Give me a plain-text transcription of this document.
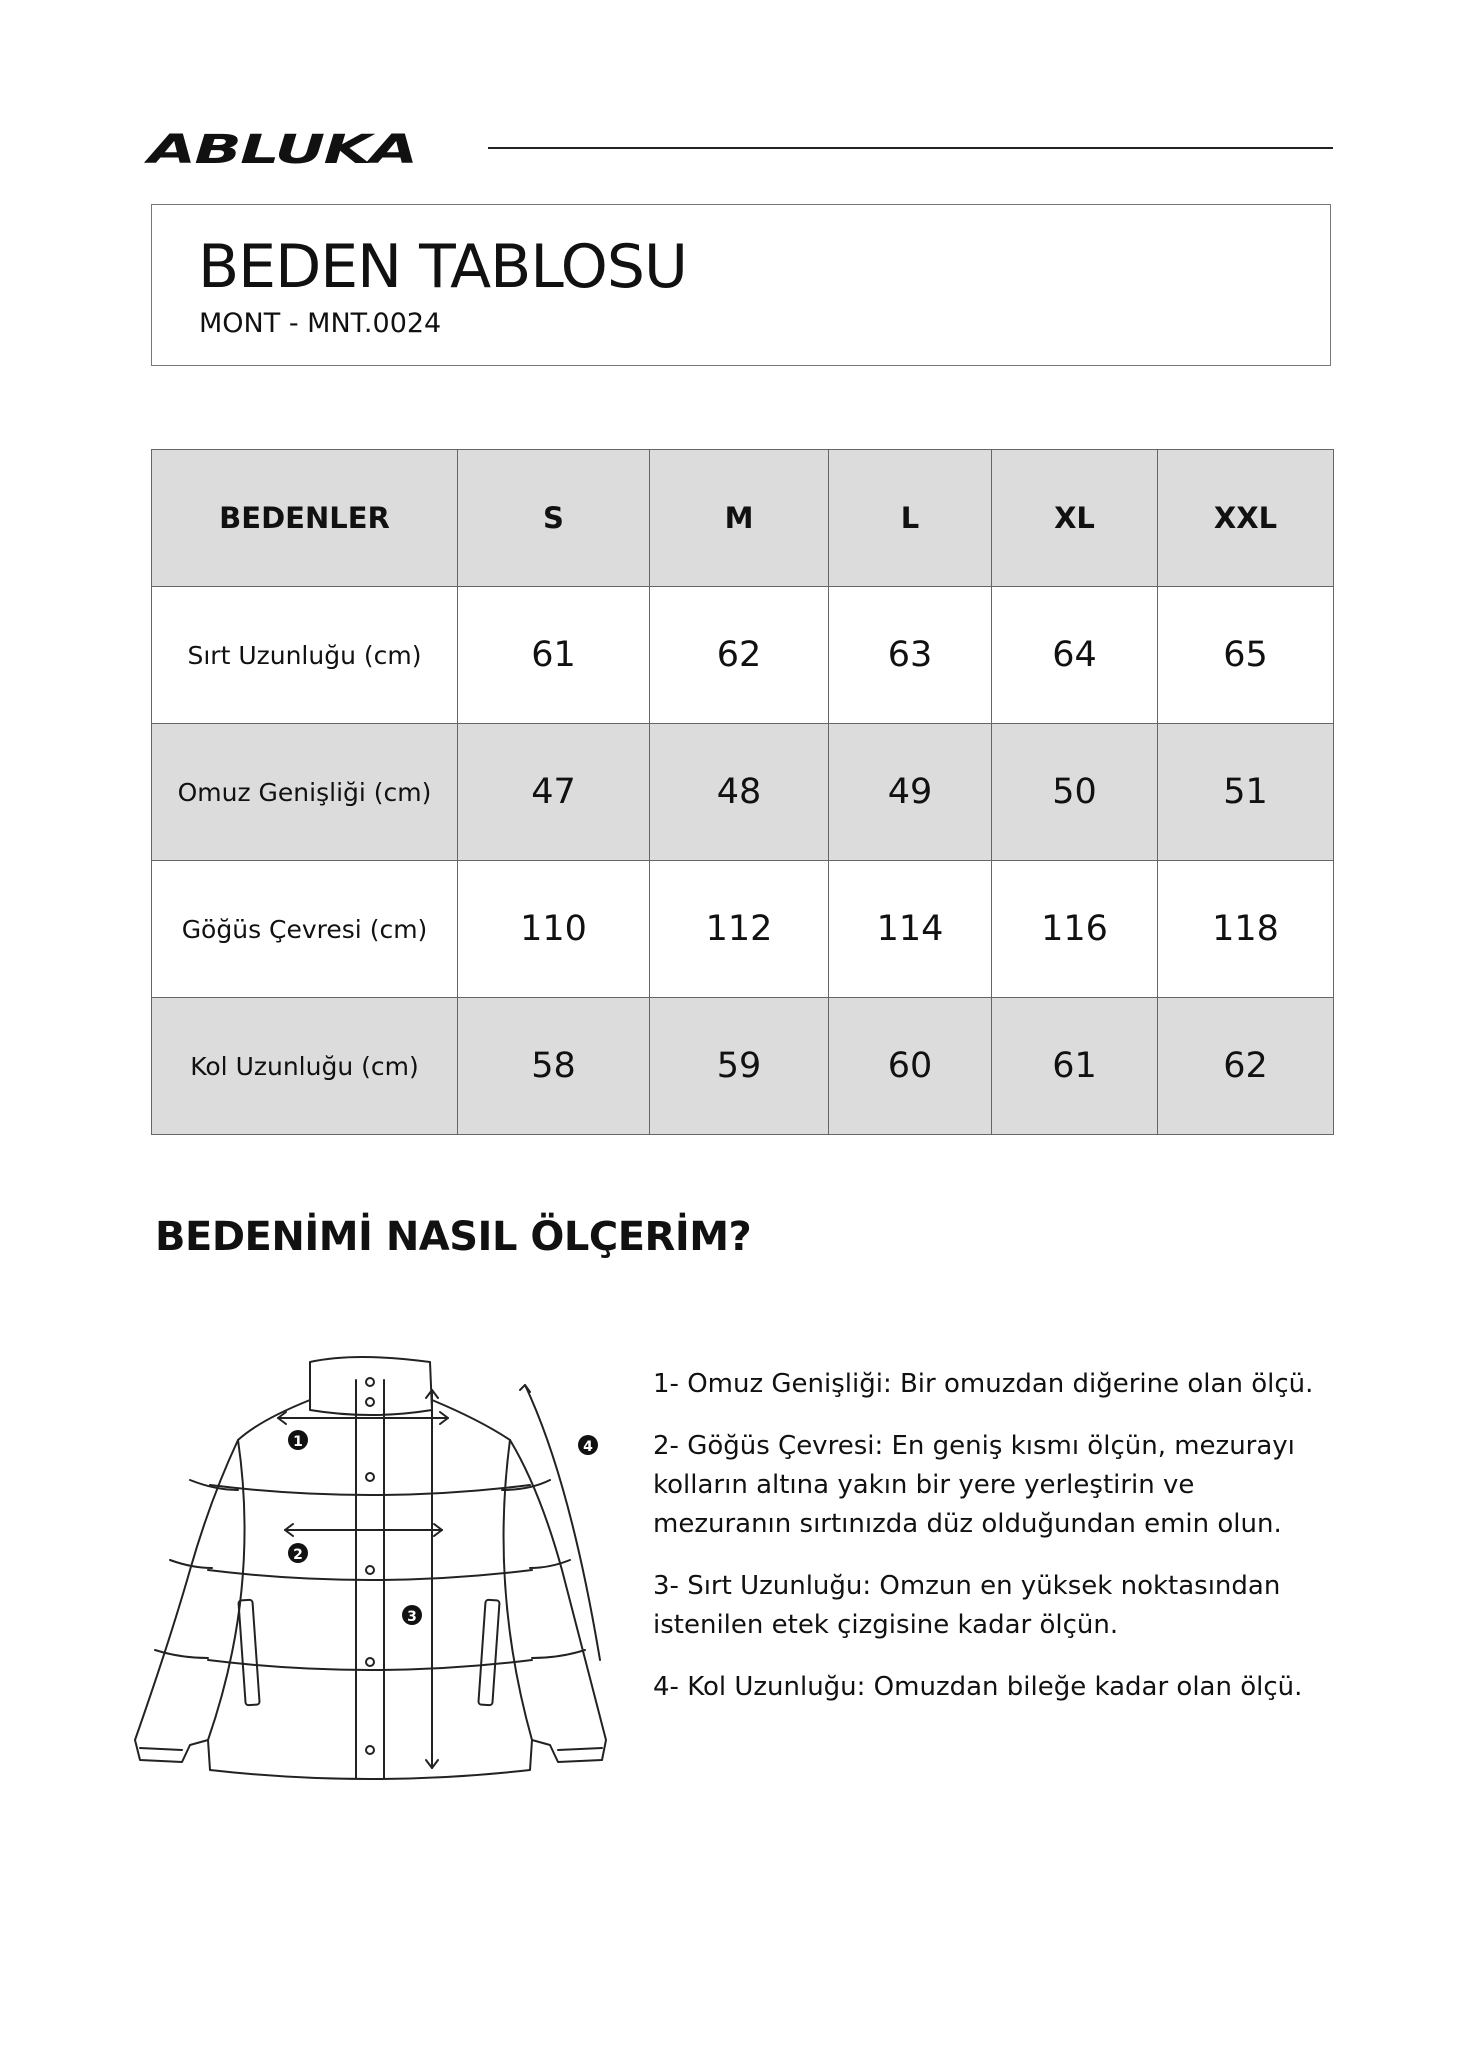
ABLUKA
BEDEN TABLOSU
MONT - MNT.0024
BEDENLER	S	M	L	XL	XXL
Sırt Uzunluğu (cm)	61	62	63	64	65
Omuz Genişliği (cm)	47	48	49	50	51
Göğüs Çevresi (cm)	110	112	114	116	118
Kol Uzunluğu (cm)	58	59	60	61	62
BEDENİMİ NASIL ÖLÇERİM?
1
2
3
4

1- Omuz Genişliği: Bir omuzdan diğerine olan ölçü.

2- Göğüs Çevresi: En geniş kısmı ölçün, mezurayı kolların altına yakın bir yere yerleştirin ve mezuranın sırtınızda düz olduğundan emin olun.

3- Sırt Uzunluğu: Omzun en yüksek noktasından istenilen etek çizgisine kadar ölçün.

4- Kol Uzunluğu: Omuzdan bileğe kadar olan ölçü.
